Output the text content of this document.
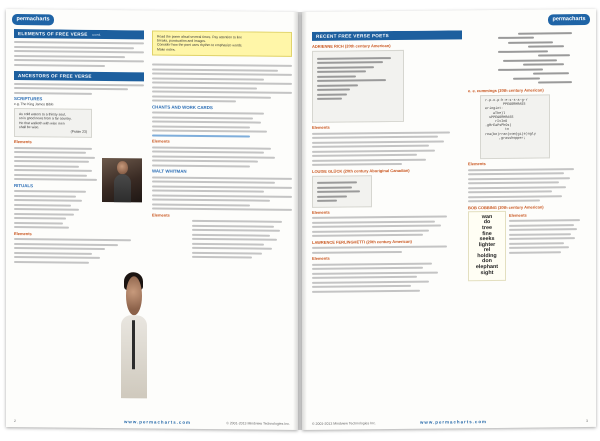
permacharts
ELEMENTS OF FREE VERSE cont.
ANCESTORS OF FREE VERSE
SCRIPTURES
e.g. The King James Bible
As cold waters to a thirsty soul,
so is good news from a far country.
He that walketh with wise men
shall be wise.
(Psalm 23)
Elements
RITUALS
Elements
Read the poem aloud several times. Pay attention to line
breaks, punctuation and images.
Consider how the poet uses rhythm to emphasize words.
Make notes.
CHANTS AND WORK CARDS
Elements
WALT WHITMAN
Elements
2	www.permacharts.com	© 2001-2013 Mindview Technologies Inc.
permacharts
RECENT FREE VERSE POETS
ADRIENNE RICH (20th century American)
Elements
LOUISE GLÜCK (20th century Aboriginal Canadian)
Elements
LAWRENCE FERLINGHETTI (20th century American)
Elements
e. e. cummings (20th century American)
r-p-o-p-h-e-s-s-a-g-r
PPEGORHRASS
eringint-
aThe)l
sPPEGORHRASS
rIvInG
.gRrEaPsPhOs)
to
rea(be)rran(com)gi(e)ngly
,grasshopper;
Elements
BOB COBBING (20th century American)
wan
do
tree
fine
seeks
lighter
rel
holding
don
elephant
sight
Elements
© 2001-2013 Mindview Technologies Inc.	www.permacharts.com	3
